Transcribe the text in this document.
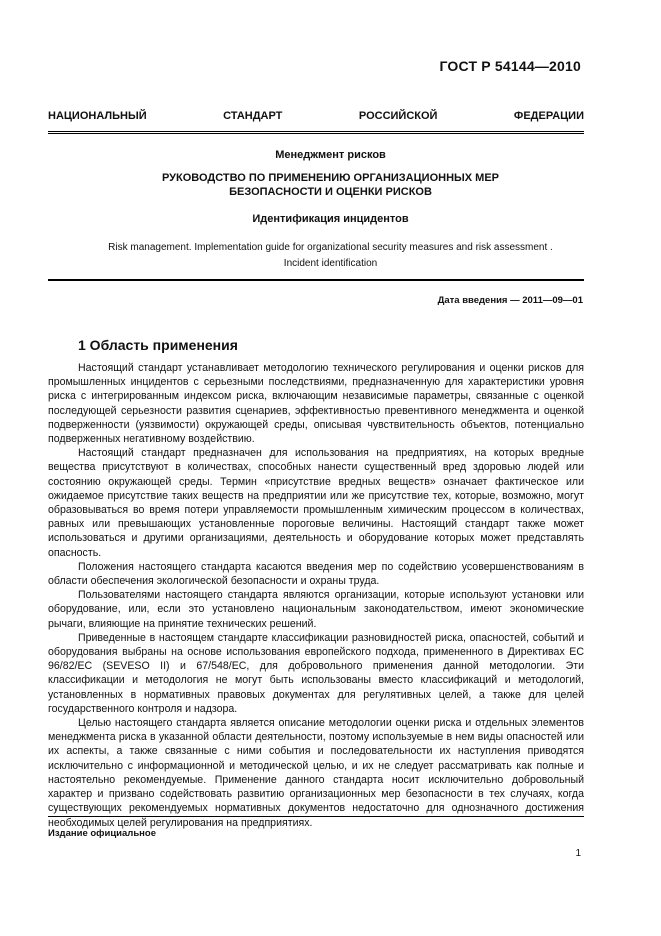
ГОСТ Р 54144—2010
НАЦИОНАЛЬНЫЙ СТАНДАРТ РОССИЙСКОЙ ФЕДЕРАЦИИ
Менеджмент рисков
РУКОВОДСТВО ПО ПРИМЕНЕНИЮ ОРГАНИЗАЦИОННЫХ МЕР
БЕЗОПАСНОСТИ И ОЦЕНКИ РИСКОВ
Идентификация инцидентов
Risk management. Implementation guide for organizational security measures and risk assessment .
Incident identification
Дата введения — 2011—09—01
1 Область применения

Настоящий стандарт устанавливает методологию технического регулирования и оценки рисков для промышленных инцидентов с серьезными последствиями, предназначенную для характеристики уровня риска с интегрированным индексом риска, включающим независимые параметры, связанные с оценкой последующей серьезности развития сценариев, эффективностью превентивного менеджмента и оценкой подверженности (уязвимости) окружающей среды, описывая чувствительность объектов, потенциально подверженных негативному воздействию.

Настоящий стандарт предназначен для использования на предприятиях, на которых вредные вещества присутствуют в количествах, способных нанести существенный вред здоровью людей или состоянию окружающей среды. Термин «присутствие вредных веществ» означает фактическое или ожидаемое присутствие таких веществ на предприятии или же присутствие тех, которые, возможно, могут образовываться во время потери управляемости промышленным химическим процессом в количествах, равных или превышающих установленные пороговые величины. Настоящий стандарт также может использоваться и другими организациями, деятельность и оборудование которых может представлять опасность.

Положения настоящего стандарта касаются введения мер по содействию усовершенствованиям в области обеспечения экологической безопасности и охраны труда.

Пользователями настоящего стандарта являются организации, которые используют установки или оборудование, или, если это установлено национальным законодательством, имеют экономические рычаги, влияющие на принятие технических решений.

Приведенные в настоящем стандарте классификации разновидностей риска, опасностей, событий и оборудования выбраны на основе использования европейского подхода, примененного в Директивах ЕС 96/82/ЕС (SEVESO II) и 67/548/ЕС, для добровольного применения данной методологии. Эти классификации и методология не могут быть использованы вместо классификаций и методологий, установленных в нормативных правовых документах для регулятивных целей, а также для целей государственного контроля и надзора.

Целью настоящего стандарта является описание методологии оценки риска и отдельных элементов менеджмента риска в указанной области деятельности, поэтому используемые в нем виды опасностей или их аспекты, а также связанные с ними события и последовательности их наступления приводятся исключительно с информационной и методической целью, и их не следует рассматривать как полные и настоятельно рекомендуемые. Применение данного стандарта носит исключительно добровольный характер и призвано содействовать развитию организационных мер безопасности в тех случаях, когда существующих рекомендуемых нормативных документов недостаточно для однозначного достижения необходимых целей регулирования на предприятиях.

Издание официальное
1
